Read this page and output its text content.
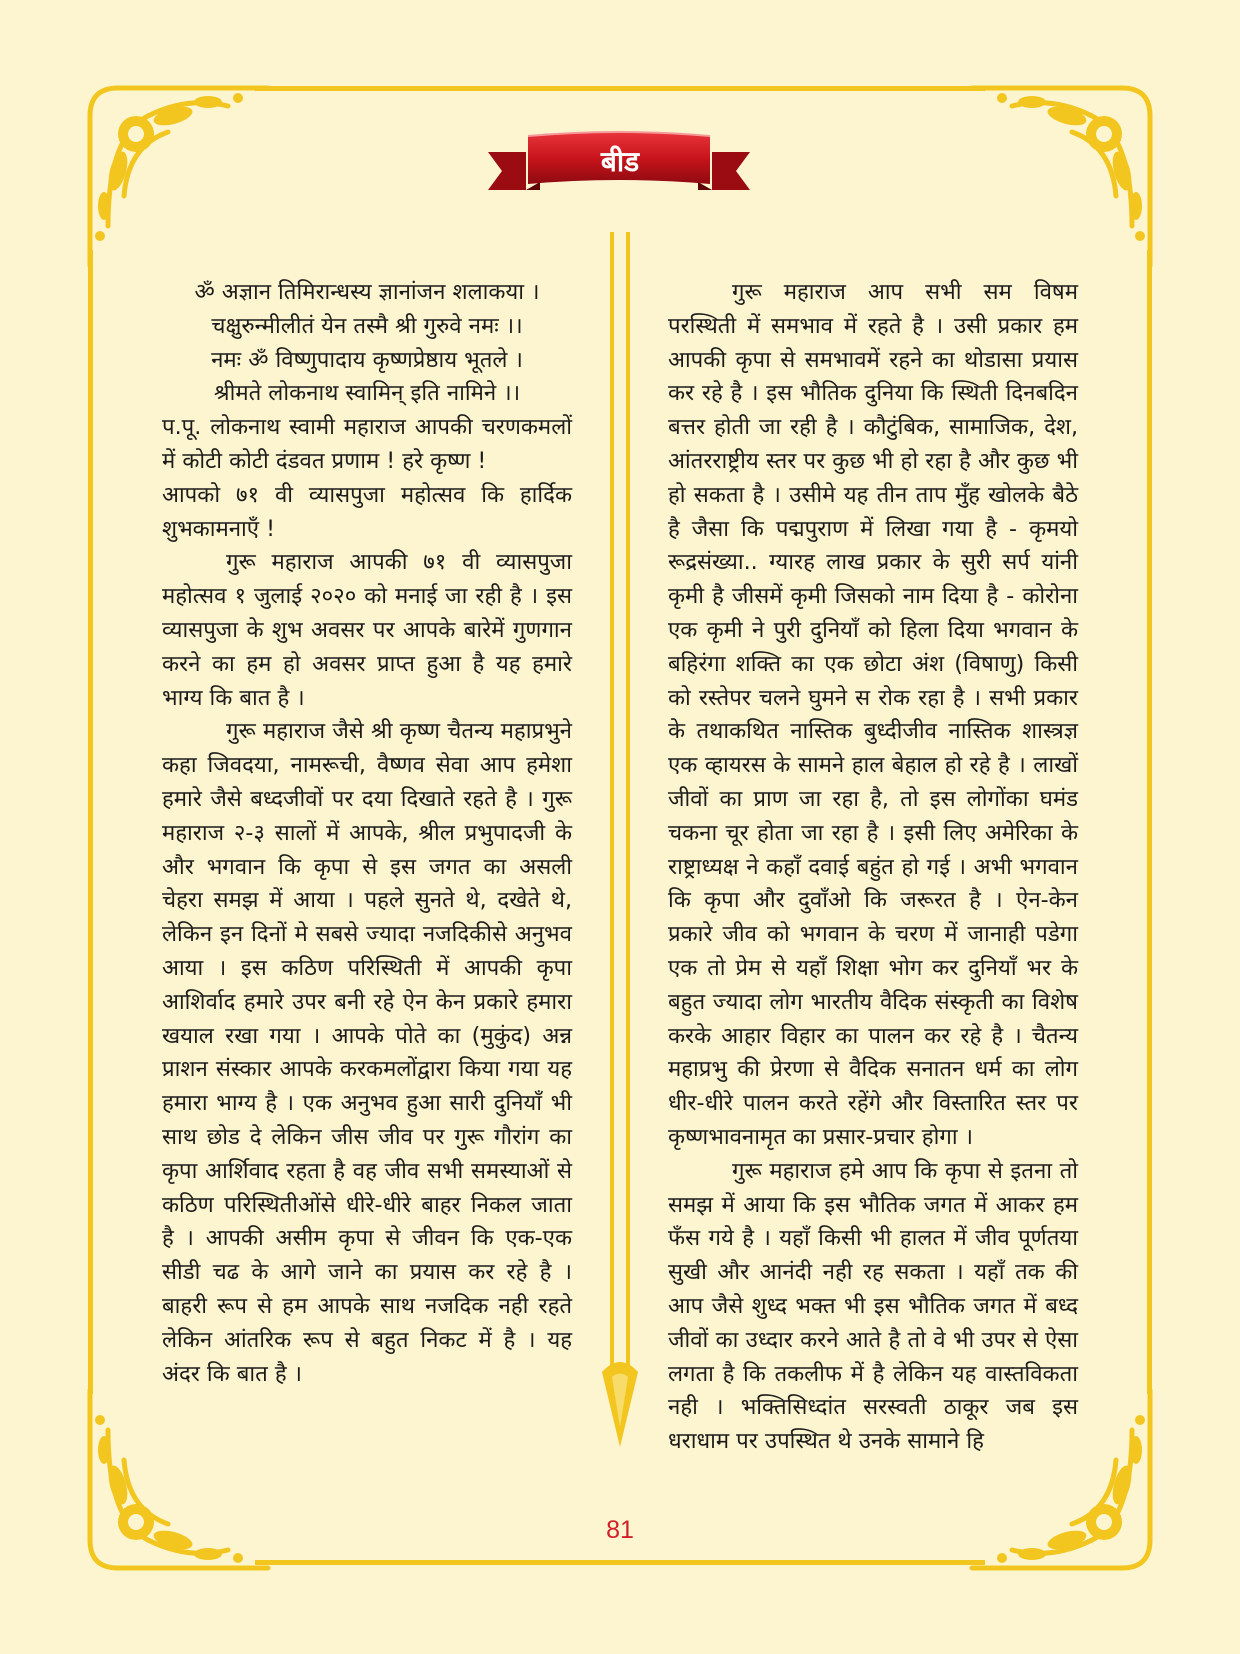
बीड

ॐ अज्ञान तिमिरान्धस्य ज्ञानांजन शलाकया ।

चक्षुरुन्मीलीतं येन तस्मै श्री गुरुवे नमः ।।

नमः ॐ विष्णुपादाय कृष्णप्रेष्ठाय भूतले ।

श्रीमते लोकनाथ स्वामिन् इति नामिने ।।

प.पू. लोकनाथ स्वामी महाराज आपकी चरणकमलों में कोटी कोटी दंडवत प्रणाम ! हरे कृष्ण !

आपको ७१ वी व्यासपुजा महोत्सव कि हार्दिक शुभकामनाएँ !

गुरू महाराज आपकी ७१ वी व्यासपुजा महोत्सव १ जुलाई २०२० को मनाई जा रही है । इस व्यासपुजा के शुभ अवसर पर आपके बारेमें गुणगान करने का हम हो अवसर प्राप्त हुआ है यह हमारे भाग्य कि बात है ।

गुरू महाराज जैसे श्री कृष्ण चैतन्य महाप्रभुने कहा जिवदया, नामरूची, वैष्णव सेवा आप हमेशा हमारे जैसे बध्दजीवों पर दया दिखाते रहते है । गुरू महाराज २-३ सालों में आपके, श्रील प्रभुपादजी के और भगवान कि कृपा से इस जगत का असली चेहरा समझ में आया । पहले सुनते थे, दखेते थे, लेकिन इन दिनों मे सबसे ज्यादा नजदिकीसे अनुभव आया । इस कठिण परिस्थिती में आपकी कृपा आशिर्वाद हमारे उपर बनी रहे ऐन केन प्रकारे हमारा खयाल रखा गया । आपके पोते का (मुकुंद) अन्न प्राशन संस्कार आपके करकमलोंद्वारा किया गया यह हमारा भाग्य है । एक अनुभव हुआ सारी दुनियाँ भी साथ छोड दे लेकिन जीस जीव पर गुरू गौरांग का कृपा आर्शिवाद रहता है वह जीव सभी समस्याओं से कठिण परिस्थितीओंसे धीरे-धीरे बाहर निकल जाता है । आपकी असीम कृपा से जीवन कि एक-एक सीडी चढ के आगे जाने का प्रयास कर रहे है । बाहरी रूप से हम आपके साथ नजदिक नही रहते लेकिन आंतरिक रूप से बहुत निकट में है । यह अंदर कि बात है ।

गुरू महाराज आप सभी सम विषम परस्थिती में समभाव में रहते है । उसी प्रकार हम आपकी कृपा से समभावमें रहने का थोडासा प्रयास कर रहे है । इस भौतिक दुनिया कि स्थिती दिनबदिन बत्तर होती जा रही है । कौटुंबिक, सामाजिक, देश, आंतरराष्ट्रीय स्तर पर कुछ भी हो रहा है और कुछ भी हो सकता है । उसीमे यह तीन ताप मुँह खोलके बैठे है जैसा कि पद्मपुराण में लिखा गया है - कृमयो रूद्रसंख्या.. ग्यारह लाख प्रकार के सुरी सर्प यांनी कृमी है जीसमें कृमी जिसको नाम दिया है - कोरोना एक कृमी ने पुरी दुनियाँ को हिला दिया भगवान के बहिरंगा शक्ति का एक छोटा अंश (विषाणु) किसी को रस्तेपर चलने घुमने स रोक रहा है । सभी प्रकार के तथाकथित नास्तिक बुध्दीजीव नास्तिक शास्त्रज्ञ एक व्हायरस के सामने हाल बेहाल हो रहे है । लाखों जीवों का प्राण जा रहा है, तो इस लोगोंका घमंड चकना चूर होता जा रहा है । इसी लिए अमेरिका के राष्ट्राध्यक्ष ने कहाँ दवाई बहुंत हो गई । अभी भगवान कि कृपा और दुवाँओ कि जरूरत है । ऐन-केन प्रकारे जीव को भगवान के चरण में जानाही पडेगा एक तो प्रेम से यहाँ शिक्षा भोग कर दुनियाँ भर के बहुत ज्यादा लोग भारतीय वैदिक संस्कृती का विशेष करके आहार विहार का पालन कर रहे है । चैतन्य महाप्रभु की प्रेरणा से वैदिक सनातन धर्म का लोग धीर-धीरे पालन करते रहेंगे और विस्तारित स्तर पर कृष्णभावनामृत का प्रसार-प्रचार होगा ।

गुरू महाराज हमे आप कि कृपा से इतना तो समझ में आया कि इस भौतिक जगत में आकर हम फँस गये है । यहाँ किसी भी हालत में जीव पूर्णतया सुखी और आनंदी नही रह सकता । यहाँ तक की आप जैसे शुध्द भक्त भी इस भौतिक जगत में बध्द जीवों का उध्दार करने आते है तो वे भी उपर से ऐसा लगता है कि तकलीफ में है लेकिन यह वास्तविकता नही । भक्तिसिध्दांत सरस्वती ठाकूर जब इस धराधाम पर उपस्थित थे उनके सामाने हि

81
